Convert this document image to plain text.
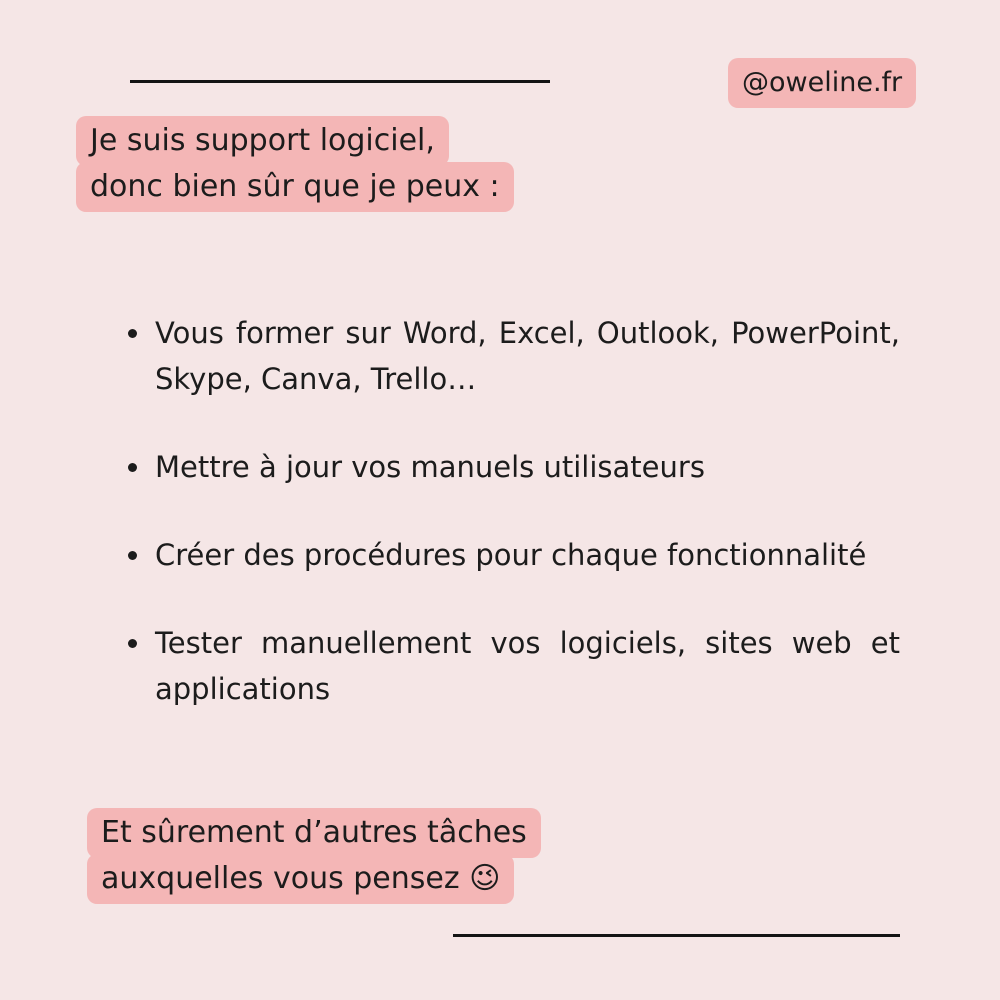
@oweline.fr
Je suis support logiciel,
donc bien sûr que je peux :
Vous former sur Word, Excel, Outlook, PowerPoint, Skype, Canva, Trello…
Mettre à jour vos manuels utilisateurs
Créer des procédures pour chaque fonctionnalité
Tester manuellement vos logiciels, sites web et applications
Et sûrement d’autres tâches
auxquelles vous pensez 😉
